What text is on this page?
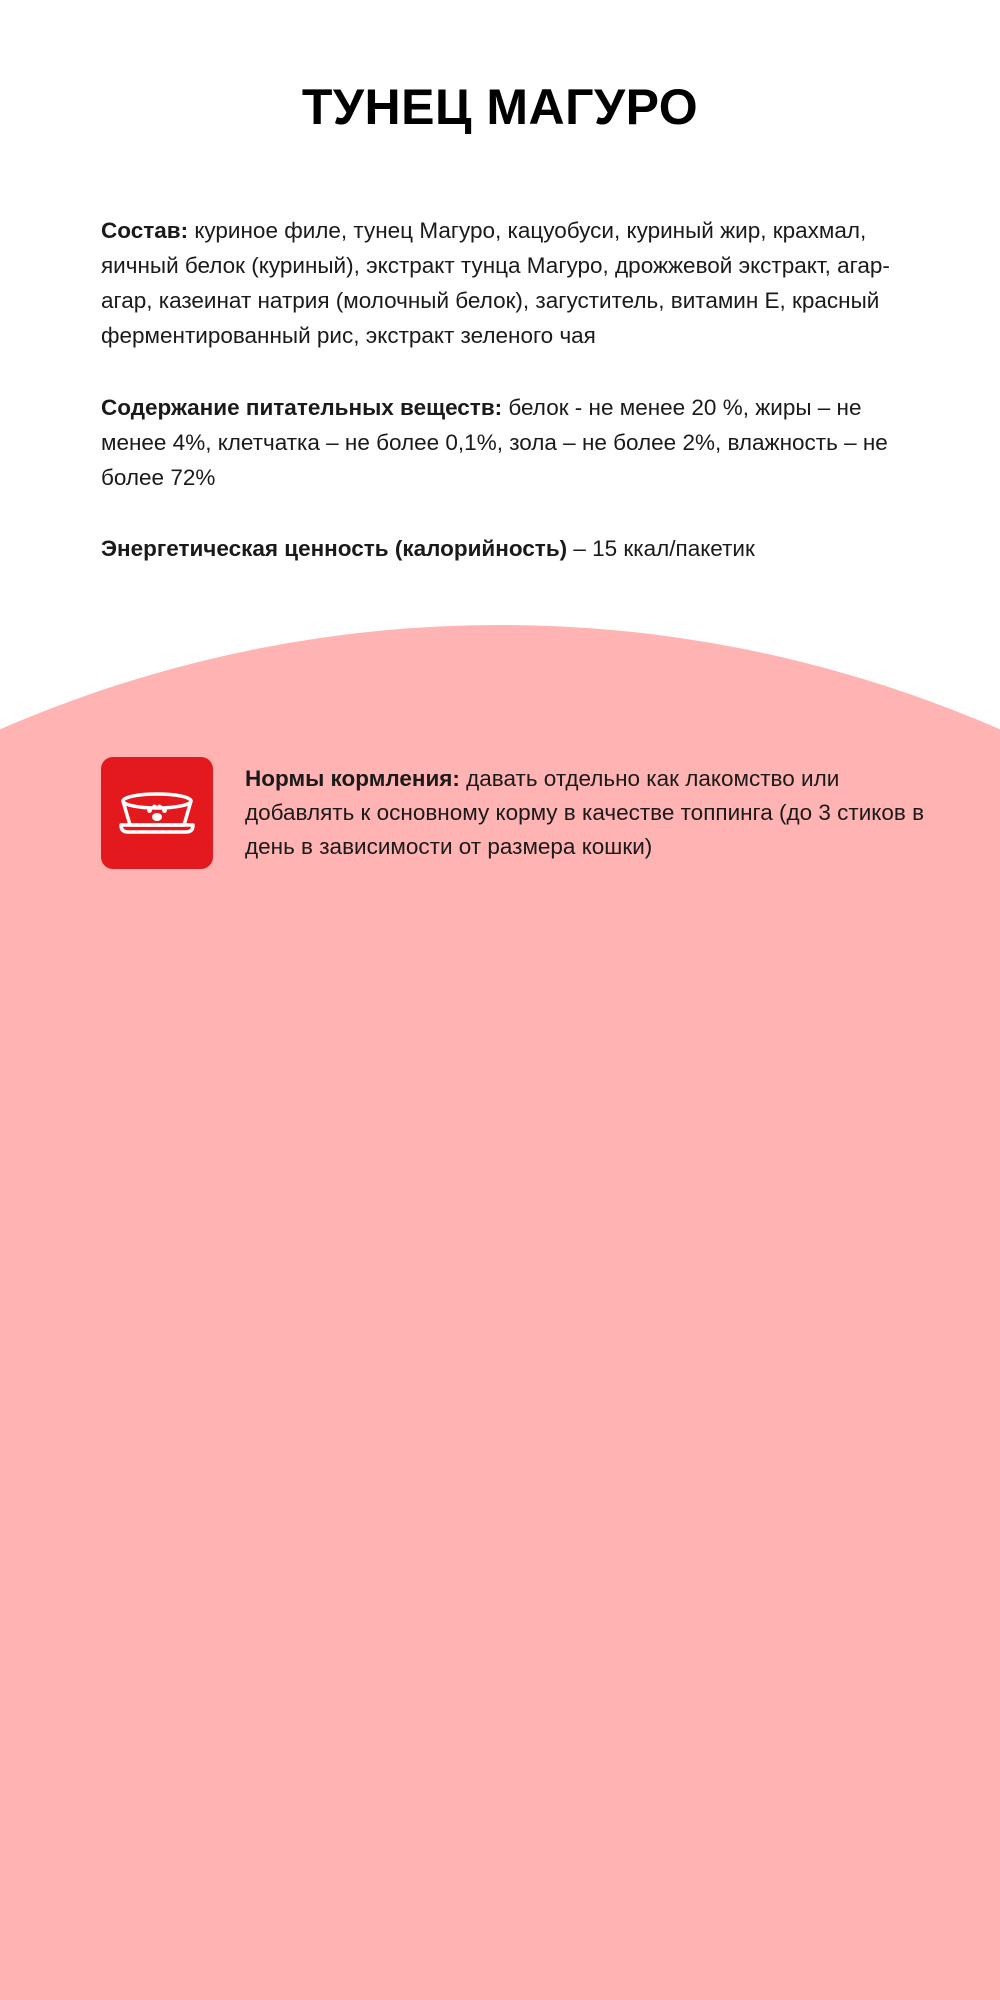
ТУНЕЦ МАГУРО
Состав: куриное филе, тунец Магуро, кацуобуси, куриный жир, крахмал, яичный белок (куриный), экстракт тунца Магуро, дрожжевой экстракт, агар-агар, казеинат натрия (молочный белок), загуститель, витамин Е, красный ферментированный рис, экстракт зеленого чая
Содержание питательных веществ: белок - не менее 20 %, жиры – не менее 4%, клетчатка – не более 0,1%, зола – не более 2%, влажность – не более 72%
Энергетическая ценность (калорийность) – 15 ккал/пакетик
Нормы кормления: давать отдельно как лакомство или добавлять к основному корму в качестве топпинга (до 3 стиков в день в зависимости от размера кошки)
